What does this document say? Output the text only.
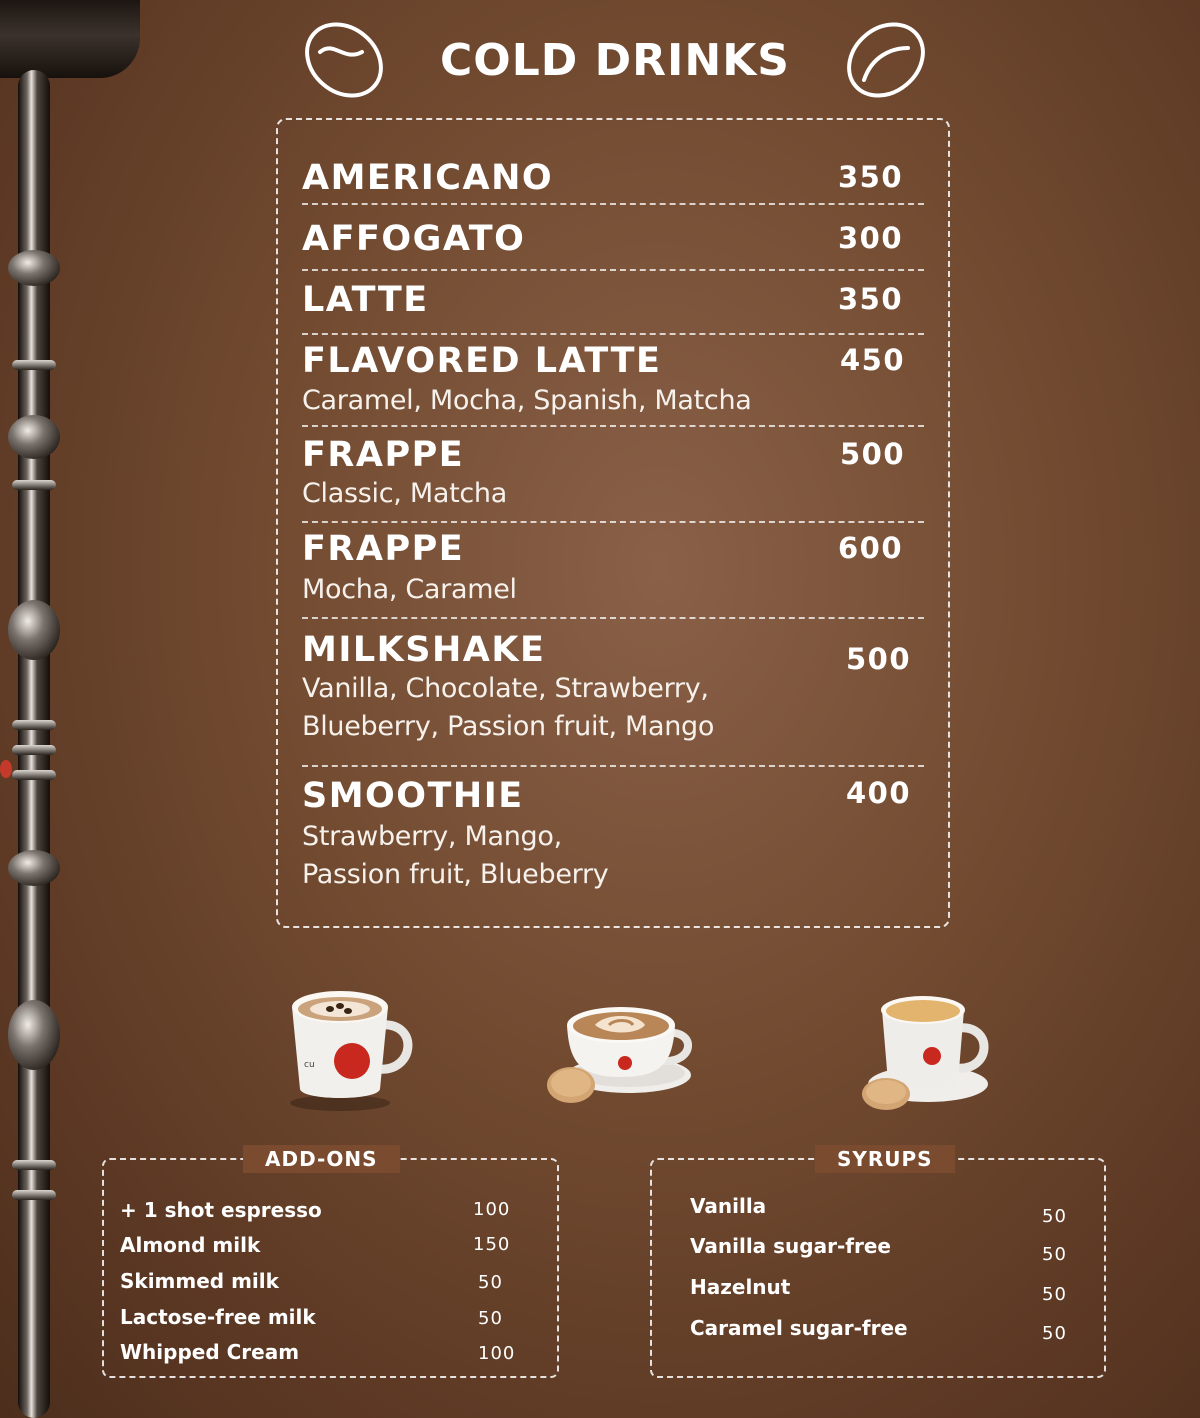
COLD DRINKS
AMERICANO	350
AFFOGATO	300
LATTE	350
FLAVORED LATTE	450
Caramel, Mocha, Spanish, Matcha
FRAPPE	500
Classic, Matcha
FRAPPE	600
Mocha, Caramel
MILKSHAKE	500
Vanilla, Chocolate, Strawberry,
Blueberry, Passion fruit, Mango
SMOOTHIE	400
Strawberry, Mango,
Passion fruit, Blueberry
cu
ADD-ONS
+ 1 shot espresso	100
Almond milk	150
Skimmed milk	50
Lactose-free milk	50
Whipped Cream	100
SYRUPS
Vanilla	50
Vanilla sugar-free	50
Hazelnut	50
Caramel sugar-free	50
